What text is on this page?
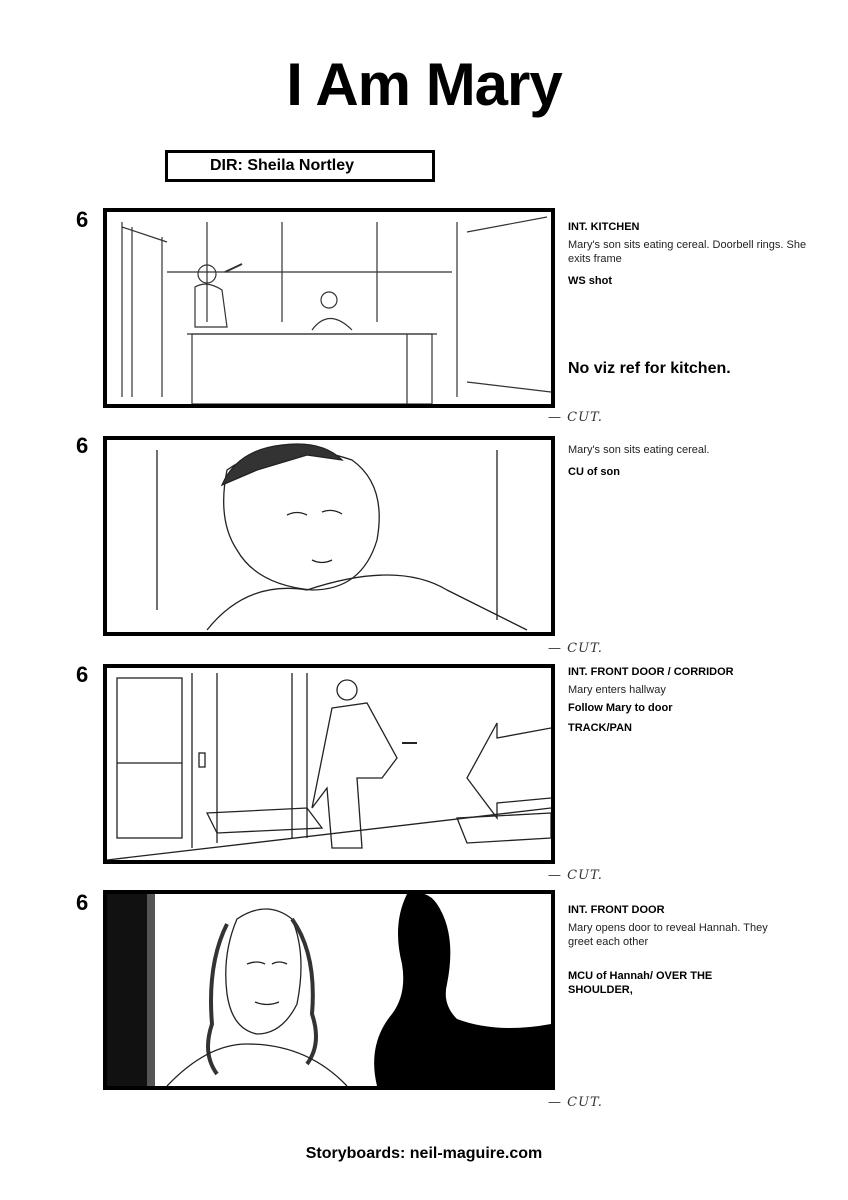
I Am Mary
DIR: Sheila Nortley
6	INT. KITCHEN
Mary's son sits eating cereal. Doorbell rings. She exits frame
WS shot
No viz ref for kitchen.
— CUT.
6	Mary's son sits eating cereal.
CU of son
— CUT.
6	INT. FRONT DOOR / CORRIDOR
Mary enters hallway
Follow Mary to door
TRACK/PAN
— CUT.
6	INT. FRONT DOOR
Mary opens door to reveal Hannah. They greet each other
MCU of Hannah/ OVER THE SHOULDER,
— CUT.
Storyboards: neil-maguire.com
